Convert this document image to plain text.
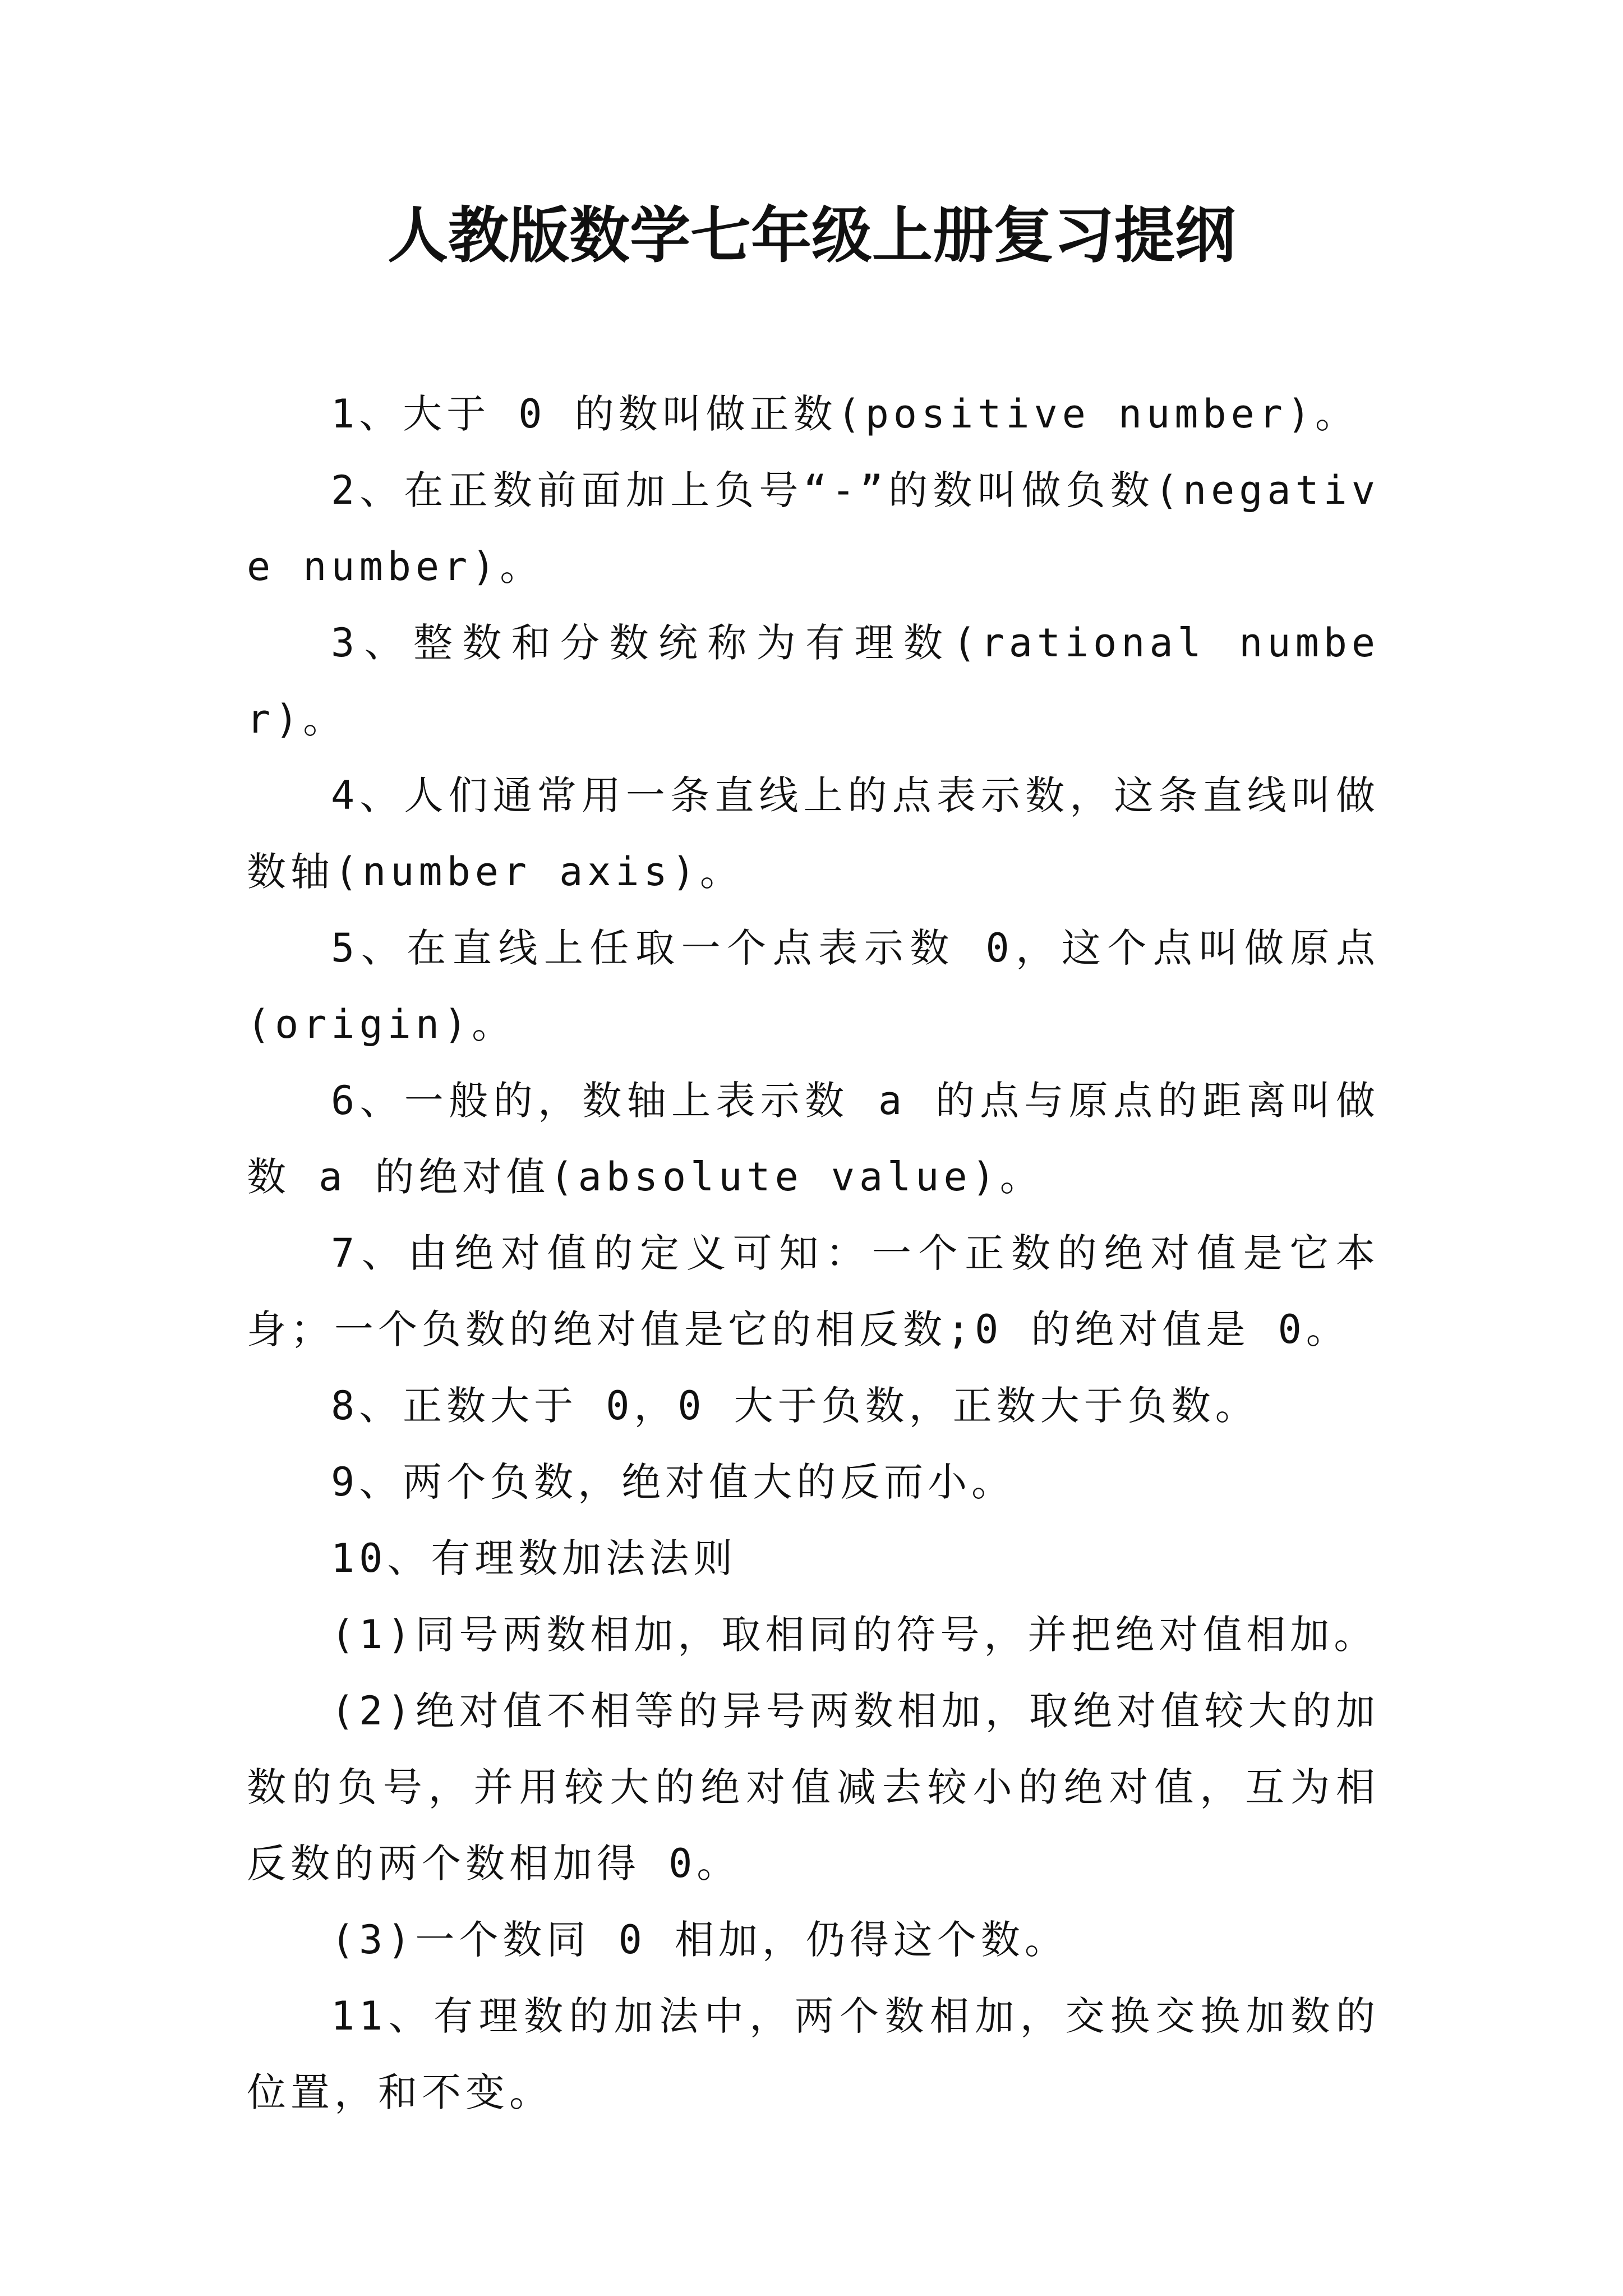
人教版数学七年级上册复习提纲

1、大于 0 的数叫做正数(positive number)。

2、在正数前面加上负号“-”的数叫做负数(negative number)。

3、整数和分数统称为有理数(rational number)。

4、人们通常用一条直线上的点表示数，这条直线叫做数轴(number axis)。

5、在直线上任取一个点表示数 0，这个点叫做原点(origin)。

6、一般的，数轴上表示数 a 的点与原点的距离叫做数 a 的绝对值(absolute value)。

7、由绝对值的定义可知：一个正数的绝对值是它本身；一个负数的绝对值是它的相反数;0 的绝对值是 0。

8、正数大于 0，0 大于负数，正数大于负数。

9、两个负数，绝对值大的反而小。

10、有理数加法法则

(1)同号两数相加，取相同的符号，并把绝对值相加。

(2)绝对值不相等的异号两数相加，取绝对值较大的加数的负号，并用较大的绝对值减去较小的绝对值，互为相反数的两个数相加得 0。

(3)一个数同 0 相加，仍得这个数。

11、有理数的加法中，两个数相加，交换交换加数的位置，和不变。
